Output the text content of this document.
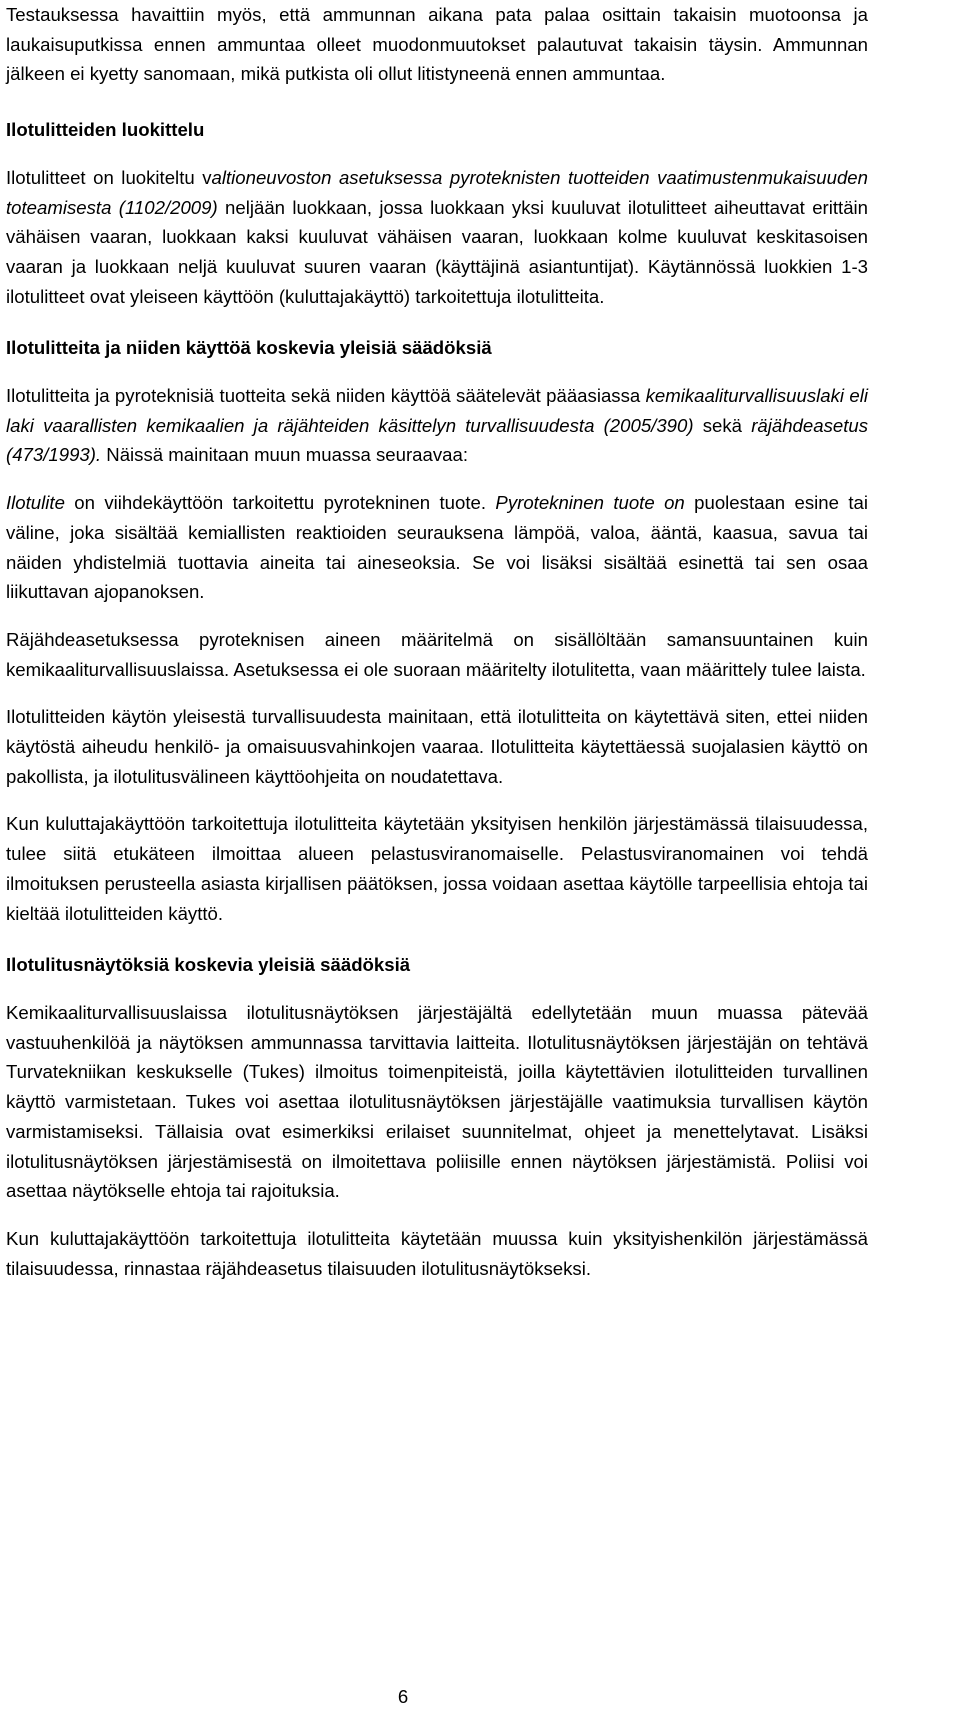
Testauksessa havaittiin myös, että ammunnan aikana pata palaa osittain takaisin muotoonsa ja laukaisuputkissa ennen ammuntaa olleet muodonmuutokset palautuvat takaisin täysin. Ammunnan jälkeen ei kyetty sanomaan, mikä putkista oli ollut litistyneenä ennen ammuntaa.

Ilotulitteiden luokittelu

Ilotulitteet on luokiteltu valtioneuvoston asetuksessa pyroteknisten tuotteiden vaatimustenmukaisuuden toteamisesta (1102/2009) neljään luokkaan, jossa luokkaan yksi kuuluvat ilotulitteet aiheuttavat erittäin vähäisen vaaran, luokkaan kaksi kuuluvat vähäisen vaaran, luokkaan kolme kuuluvat keskitasoisen vaaran ja luokkaan neljä kuuluvat suuren vaaran (käyttäjinä asiantuntijat). Käytännössä luokkien 1-3 ilotulitteet ovat yleiseen käyttöön (kuluttajakäyttö) tarkoitettuja ilotulitteita.

Ilotulitteita ja niiden käyttöä koskevia yleisiä säädöksiä

Ilotulitteita ja pyroteknisiä tuotteita sekä niiden käyttöä säätelevät pääasiassa kemikaaliturvallisuuslaki eli laki vaarallisten kemikaalien ja räjähteiden käsittelyn turvallisuudesta (2005/390) sekä räjähdeasetus (473/1993). Näissä mainitaan muun muassa seuraavaa:

Ilotulite on viihdekäyttöön tarkoitettu pyrotekninen tuote. Pyrotekninen tuote on puolestaan esine tai väline, joka sisältää kemiallisten reaktioiden seurauksena lämpöä, valoa, ääntä, kaasua, savua tai näiden yhdistelmiä tuottavia aineita tai aineseoksia. Se voi lisäksi sisältää esinettä tai sen osaa liikuttavan ajopanoksen.

Räjähdeasetuksessa pyroteknisen aineen määritelmä on sisällöltään samansuuntainen kuin kemikaaliturvallisuuslaissa. Asetuksessa ei ole suoraan määritelty ilotulitetta, vaan määrittely tulee laista.

Ilotulitteiden käytön yleisestä turvallisuudesta mainitaan, että ilotulitteita on käytettävä siten, ettei niiden käytöstä aiheudu henkilö- ja omaisuusvahinkojen vaaraa. Ilotulitteita käytettäessä suojalasien käyttö on pakollista, ja ilotulitusvälineen käyttöohjeita on noudatettava.

Kun kuluttajakäyttöön tarkoitettuja ilotulitteita käytetään yksityisen henkilön järjestämässä tilaisuudessa, tulee siitä etukäteen ilmoittaa alueen pelastusviranomaiselle. Pelastusviranomainen voi tehdä ilmoituksen perusteella asiasta kirjallisen päätöksen, jossa voidaan asettaa käytölle tarpeellisia ehtoja tai kieltää ilotulitteiden käyttö.

Ilotulitusnäytöksiä koskevia yleisiä säädöksiä

Kemikaaliturvallisuuslaissa ilotulitusnäytöksen järjestäjältä edellytetään muun muassa pätevää vastuuhenkilöä ja näytöksen ammunnassa tarvittavia laitteita. Ilotulitusnäytöksen järjestäjän on tehtävä Turvatekniikan keskukselle (Tukes) ilmoitus toimenpiteistä, joilla käytettävien ilotulitteiden turvallinen käyttö varmistetaan. Tukes voi asettaa ilotulitusnäytöksen järjestäjälle vaatimuksia turvallisen käytön varmistamiseksi. Tällaisia ovat esimerkiksi erilaiset suunnitelmat, ohjeet ja menettelytavat. Lisäksi ilotulitusnäytöksen järjestämisestä on ilmoitettava poliisille ennen näytöksen järjestämistä. Poliisi voi asettaa näytökselle ehtoja tai rajoituksia.

Kun kuluttajakäyttöön tarkoitettuja ilotulitteita käytetään muussa kuin yksityishenkilön järjestämässä tilaisuudessa, rinnastaa räjähdeasetus tilaisuuden ilotulitusnäytökseksi.

6
